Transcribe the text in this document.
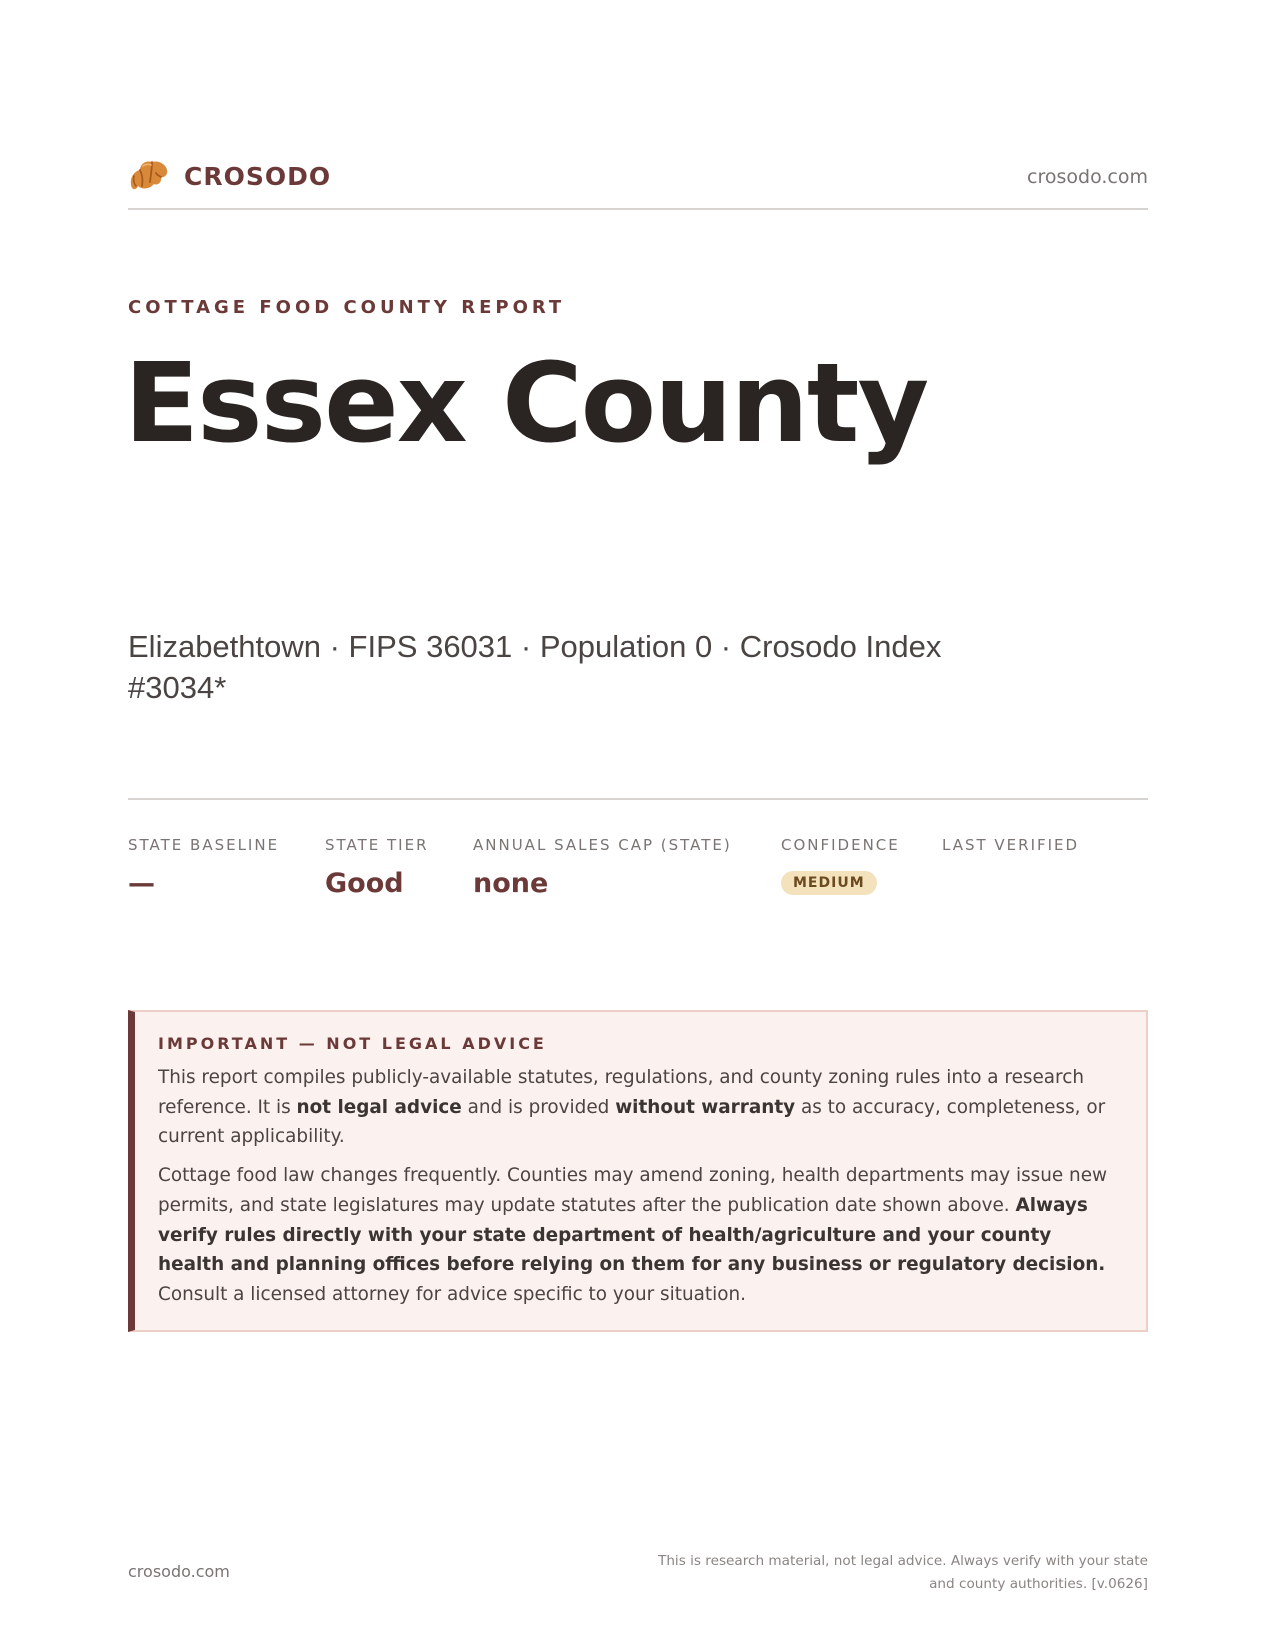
CROSODO	crosodo.com
COTTAGE FOOD COUNTY REPORT
Essex County
Elizabethtown · FIPS 36031 · Population 0 · Crosodo Index #3034*
STATE BASELINE
—
STATE TIER
Good
ANNUAL SALES CAP (STATE)
none
CONFIDENCE
MEDIUM
LAST VERIFIED
IMPORTANT — NOT LEGAL ADVICE

This report compiles publicly-available statutes, regulations, and county zoning rules into a research reference. It is not legal advice and is provided without warranty as to accuracy, completeness, or current applicability.

Cottage food law changes frequently. Counties may amend zoning, health departments may issue new permits, and state legislatures may update statutes after the publication date shown above. Always verify rules directly with your state department of health/agriculture and your county health and planning offices before relying on them for any business or regulatory decision. Consult a licensed attorney for advice specific to your situation.

crosodo.com
This is research material, not legal advice. Always verify with your state
and county authorities. [v.0626]
